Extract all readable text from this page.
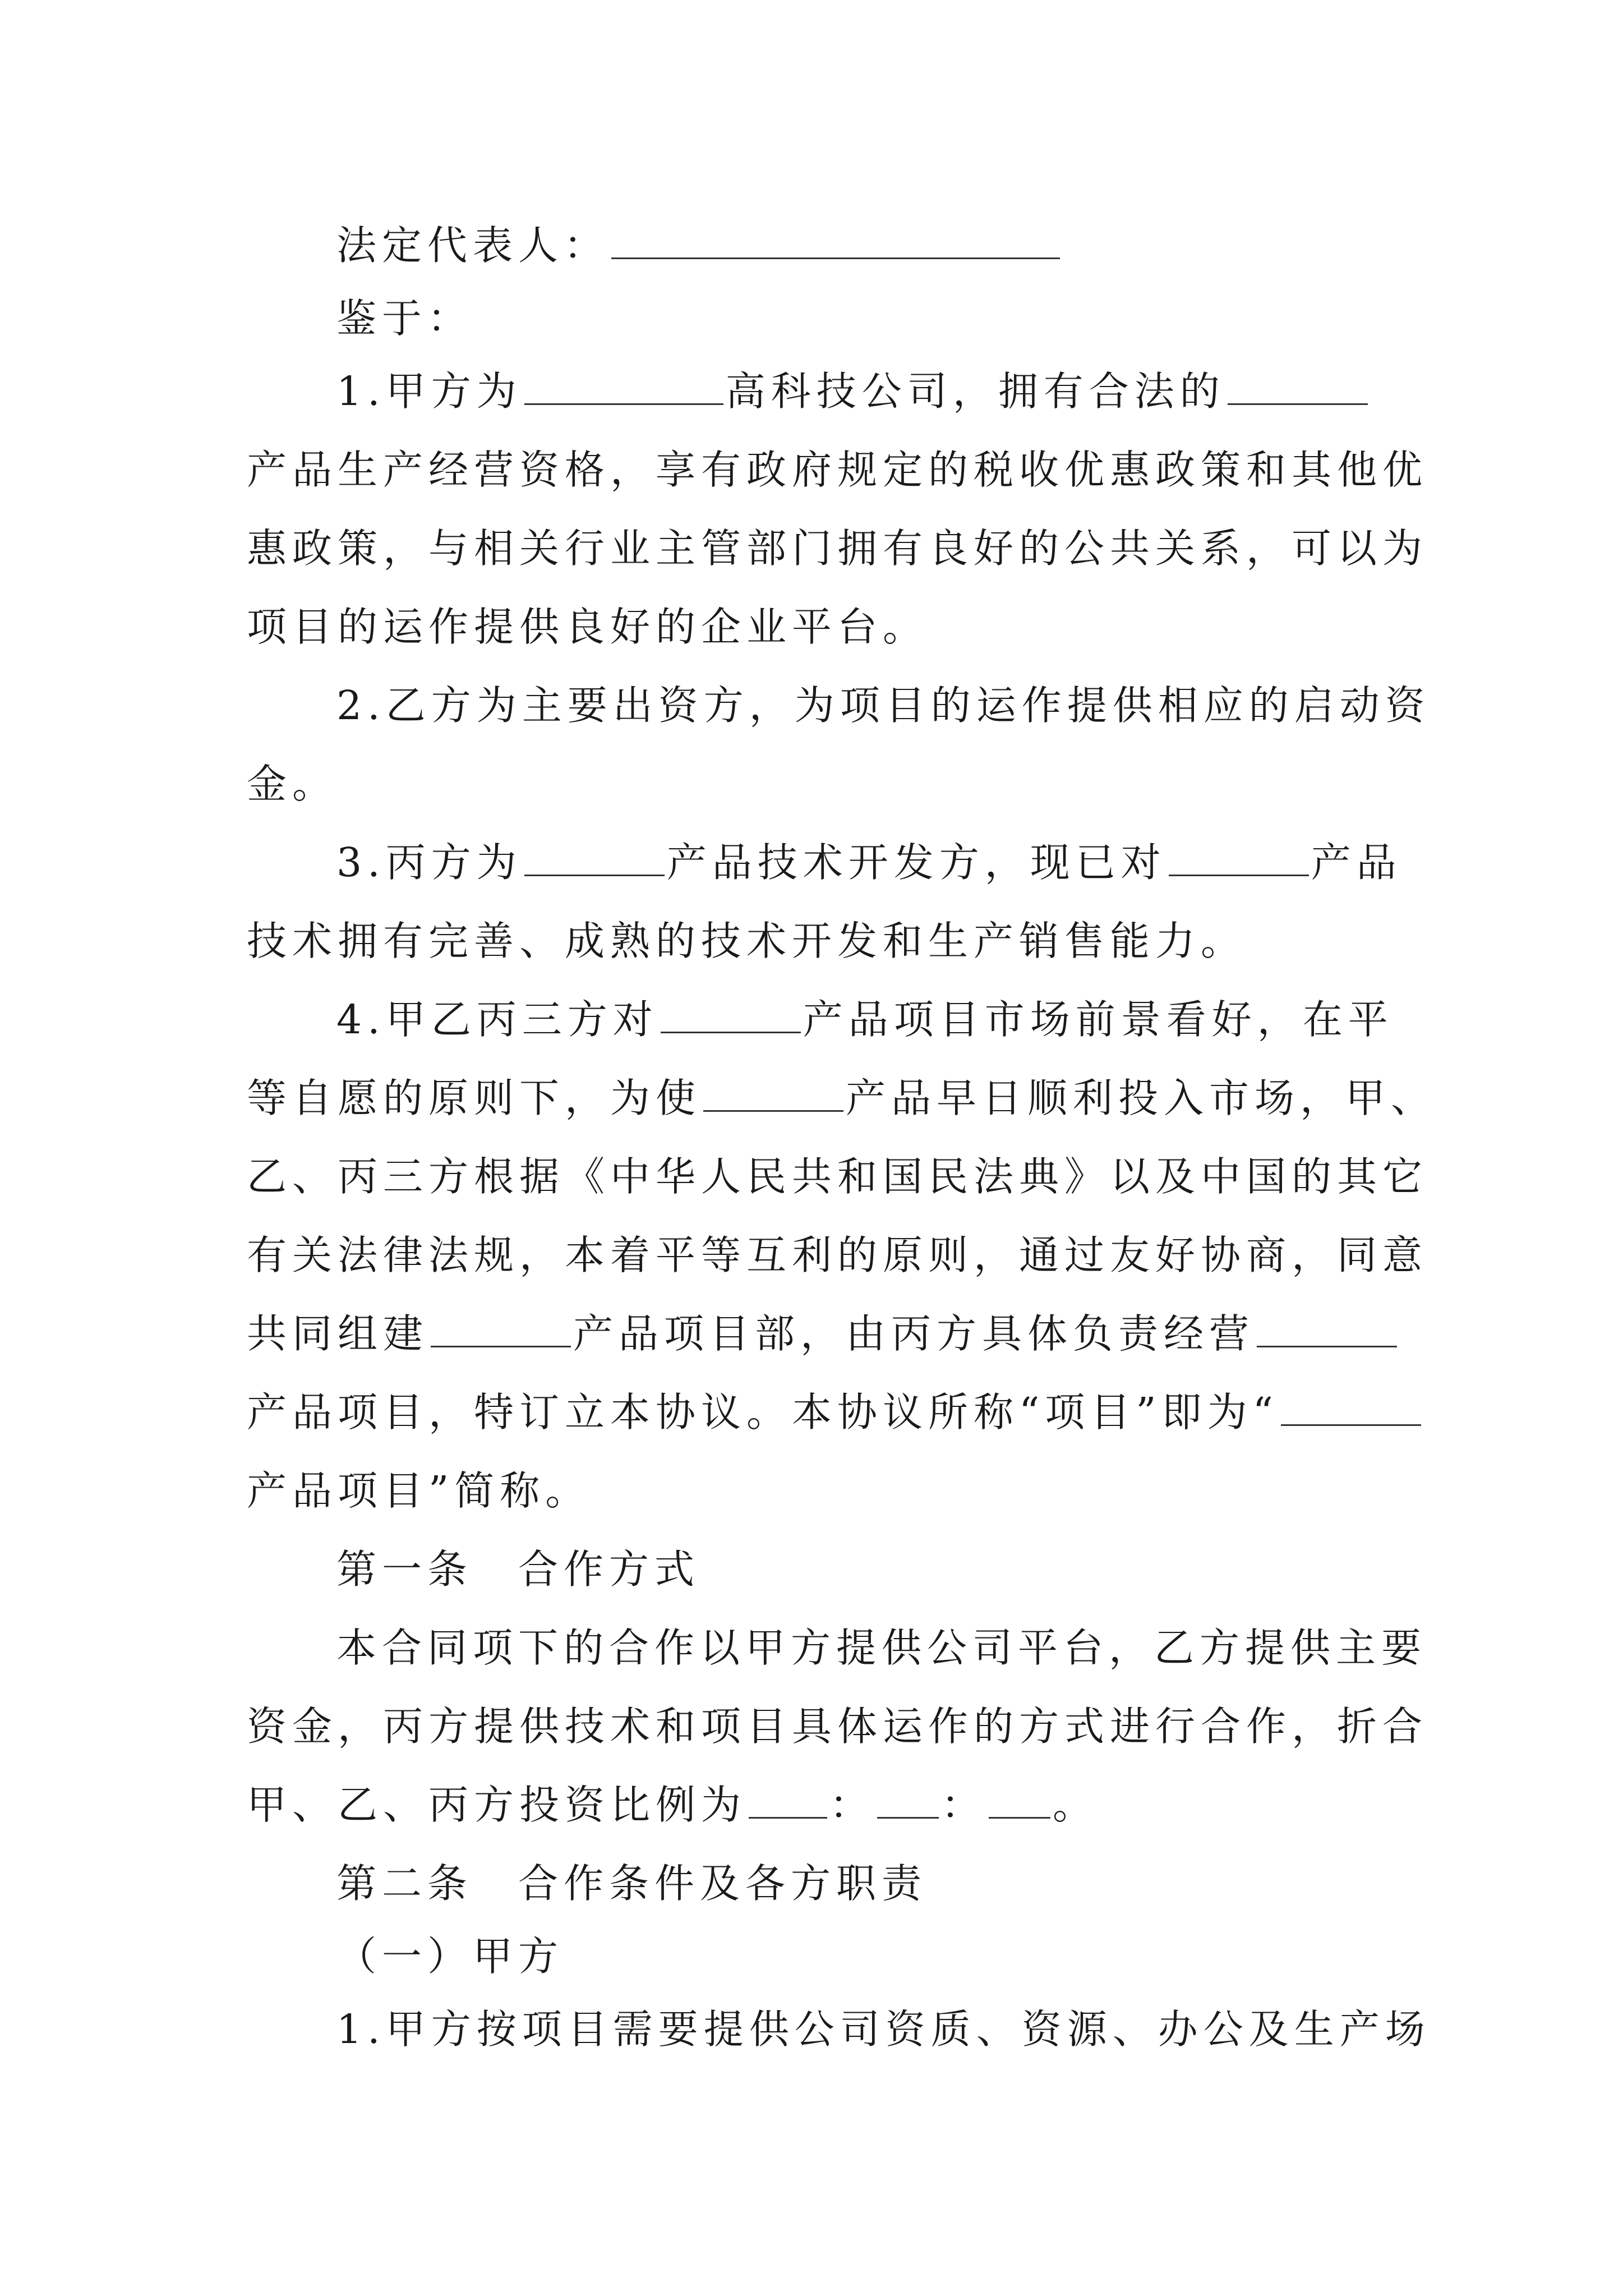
法定代表人：
鉴于：
1.甲方为	高科技公司，拥有合法的
产品生产经营资格，享有政府规定的税收优惠政策和其他优
惠政策，与相关行业主管部门拥有良好的公共关系，可以为
项目的运作提供良好的企业平台。
2.乙方为主要出资方，为项目的运作提供相应的启动资
金。
3.丙方为	产品技术开发方，现已对	产品
技术拥有完善、成熟的技术开发和生产销售能力。
4.甲乙丙三方对	产品项目市场前景看好，在平
等自愿的原则下，为使	产品早日顺利投入市场，甲、
乙、丙三方根据《中华人民共和国民法典》以及中国的其它
有关法律法规，本着平等互利的原则，通过友好协商，同意
共同组建	产品项目部，由丙方具体负责经营
产品项目，特订立本协议。本协议所称“项目”即为“
产品项目”简称。
第一条　合作方式
本合同项下的合作以甲方提供公司平台，乙方提供主要
资金，丙方提供技术和项目具体运作的方式进行合作，折合
甲、乙、丙方投资比例为 ： ： 。
第二条　合作条件及各方职责
（一）甲方
1.甲方按项目需要提供公司资质、资源、办公及生产场
